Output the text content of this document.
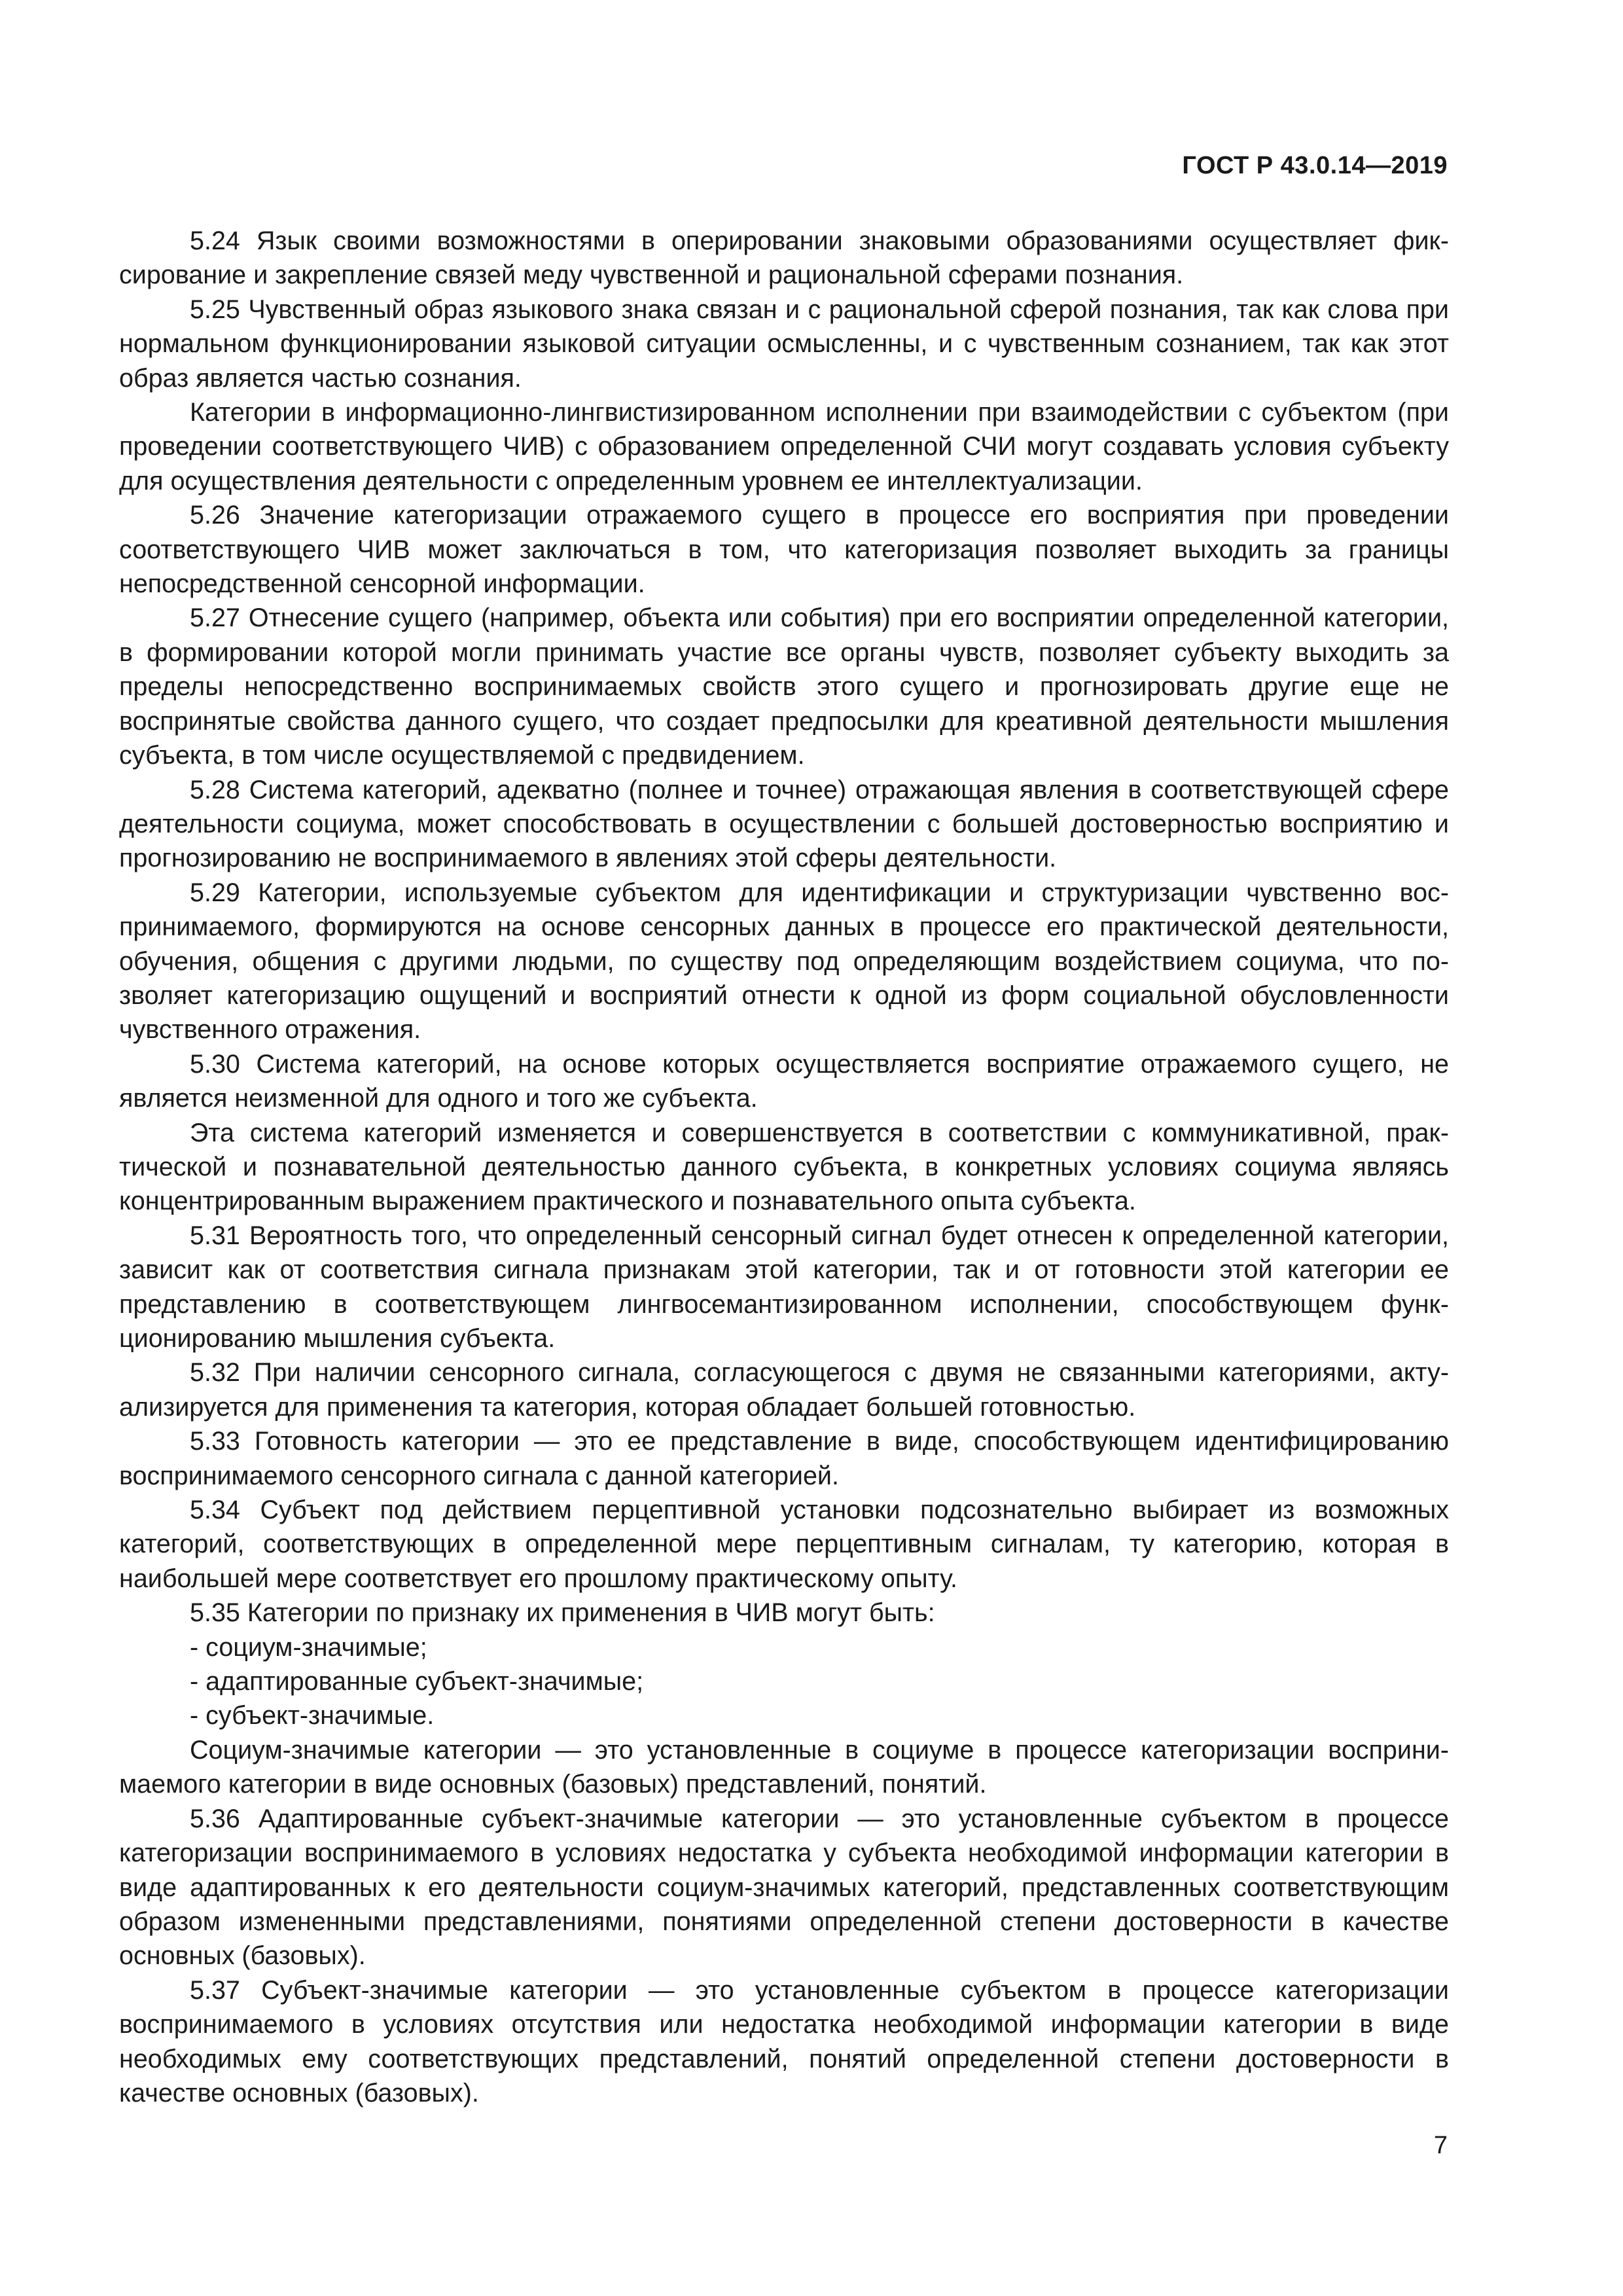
ГОСТ Р 43.0.14—2019

5.24 Язык своими возможностями в оперировании знаковыми образованиями осуществляет фиксирование и закрепление связей меду чувственной и рациональной сферами познания.

5.25 Чувственный образ языкового знака связан и с рациональной сферой познания, так как слова при нормальном функционировании языковой ситуации осмысленны, и с чувственным сознанием, так как этот образ является частью сознания.

Категории в информационно-лингвистизированном исполнении при взаимодействии с субъектом (при проведении соответствующего ЧИВ) с образованием определенной СЧИ могут создавать условия субъекту для осуществления деятельности с определенным уровнем ее интеллектуализации.

5.26 Значение категоризации отражаемого сущего в процессе его восприятия при проведении соответствующего ЧИВ может заключаться в том, что категоризация позволяет выходить за границы непосредственной сенсорной информации.

5.27 Отнесение сущего (например, объекта или события) при его восприятии определенной категории, в формировании которой могли принимать участие все органы чувств, позволяет субъекту выходить за пределы непосредственно воспринимаемых свойств этого сущего и прогнозировать другие еще не воспринятые свойства данного сущего, что создает предпосылки для креативной деятельности мышления субъекта, в том числе осуществляемой с предвидением.

5.28 Система категорий, адекватно (полнее и точнее) отражающая явления в соответствующей сфере деятельности социума, может способствовать в осуществлении с большей достоверностью восприятию и прогнозированию не воспринимаемого в явлениях этой сферы деятельности.

5.29 Категории, используемые субъектом для идентификации и структуризации чувственно воспринимаемого, формируются на основе сенсорных данных в процессе его практической деятельности, обучения, общения с другими людьми, по существу под определяющим воздействием социума, что позволяет категоризацию ощущений и восприятий отнести к одной из форм социальной обусловленности чувственного отражения.

5.30 Система категорий, на основе которых осуществляется восприятие отражаемого сущего, не является неизменной для одного и того же субъекта.

Эта система категорий изменяется и совершенствуется в соответствии с коммуникативной, практической и познавательной деятельностью данного субъекта, в конкретных условиях социума являясь концентрированным выражением практического и познавательного опыта субъекта.

5.31 Вероятность того, что определенный сенсорный сигнал будет отнесен к определенной категории, зависит как от соответствия сигнала признакам этой категории, так и от готовности этой категории ее представлению в соответствующем лингвосемантизированном исполнении, способствующем функционированию мышления субъекта.

5.32 При наличии сенсорного сигнала, согласующегося с двумя не связанными категориями, актуализируется для применения та категория, которая обладает большей готовностью.

5.33 Готовность категории — это ее представление в виде, способствующем идентифицированию воспринимаемого сенсорного сигнала с данной категорией.

5.34 Субъект под действием перцептивной установки подсознательно выбирает из возможных категорий, соответствующих в определенной мере перцептивным сигналам, ту категорию, которая в наибольшей мере соответствует его прошлому практическому опыту.

5.35 Категории по признаку их применения в ЧИВ могут быть:

- социум-значимые;
- адаптированные субъект-значимые;
- субъект-значимые.

Социум-значимые категории — это установленные в социуме в процессе категоризации воспринимаемого категории в виде основных (базовых) представлений, понятий.

5.36 Адаптированные субъект-значимые категории — это установленные субъектом в процессе категоризации воспринимаемого в условиях недостатка у субъекта необходимой информации категории в виде адаптированных к его деятельности социум-значимых категорий, представленных соответствующим образом измененными представлениями, понятиями определенной степени достоверности в качестве основных (базовых).

5.37 Субъект-значимые категории — это установленные субъектом в процессе категоризации воспринимаемого в условиях отсутствия или недостатка необходимой информации категории в виде необходимых ему соответствующих представлений, понятий определенной степени достоверности в качестве основных (базовых).

7
